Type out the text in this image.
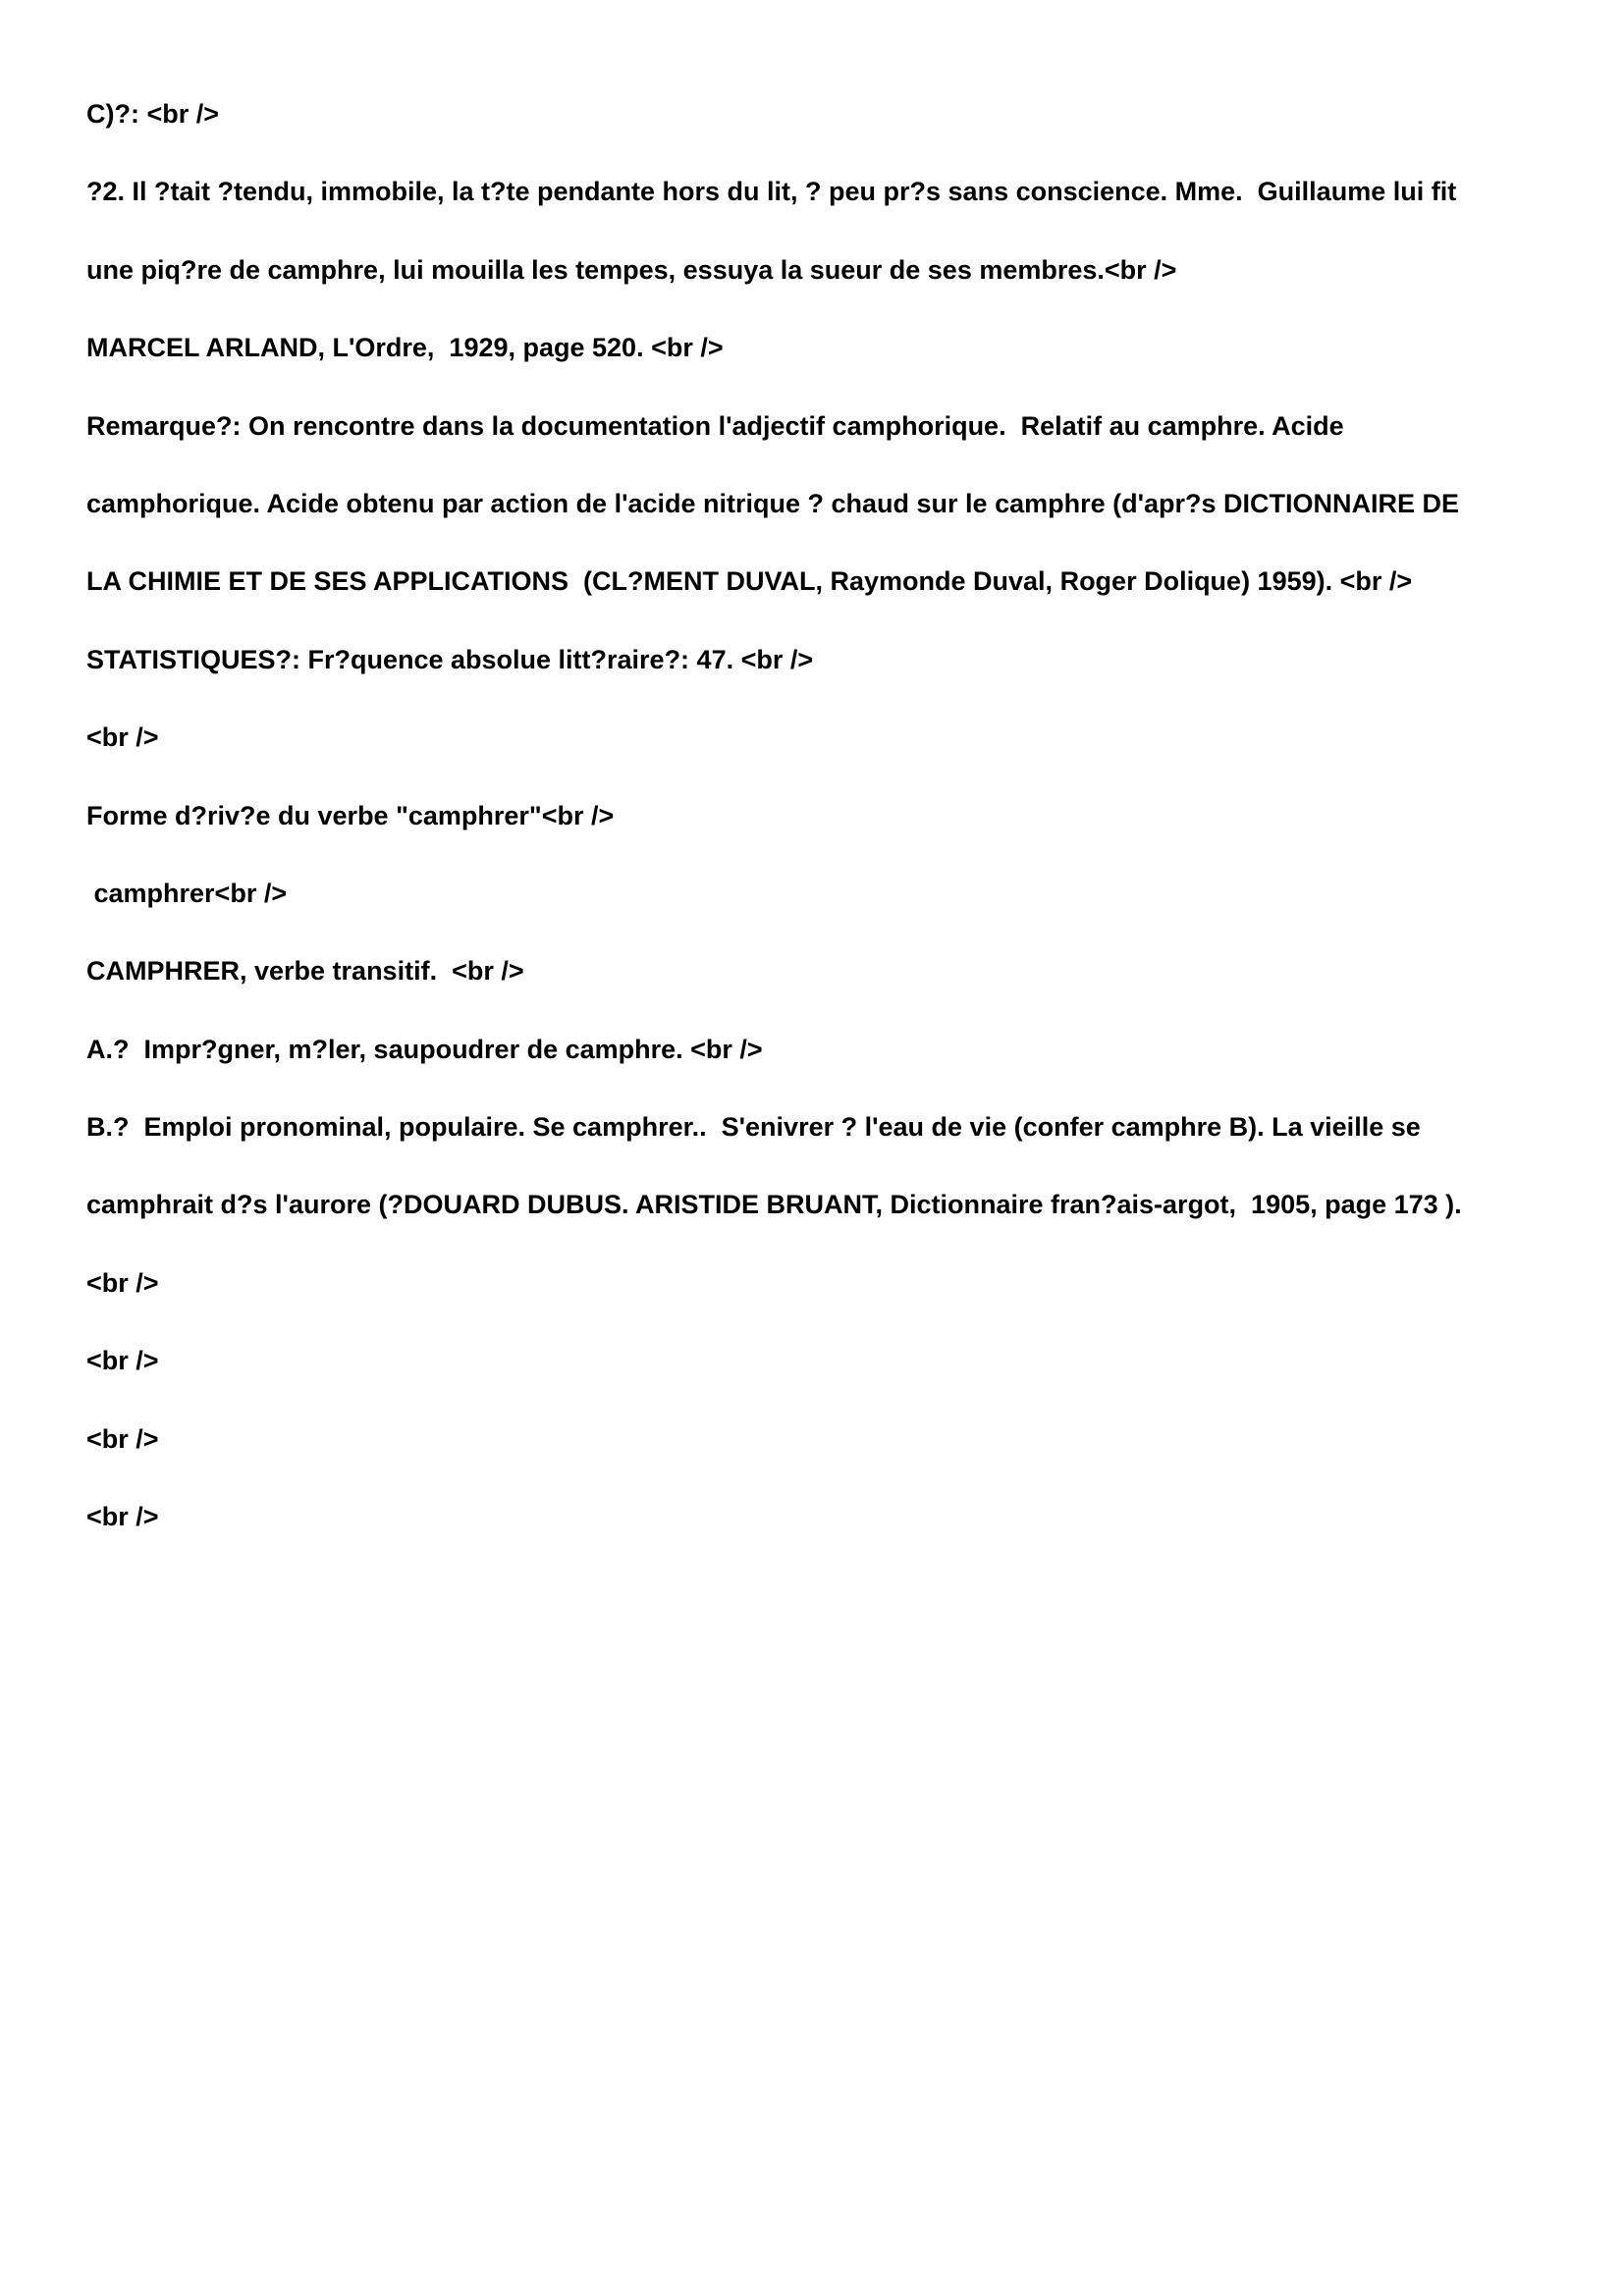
C)?: <br />

?2. Il ?tait ?tendu, immobile, la t?te pendante hors du lit, ? peu pr?s sans conscience. Mme.  Guillaume lui fit

une piq?re de camphre, lui mouilla les tempes, essuya la sueur de ses membres.<br />

MARCEL ARLAND, L'Ordre,  1929, page 520. <br />

Remarque?: On rencontre dans la documentation l'adjectif camphorique.  Relatif au camphre. Acide

camphorique. Acide obtenu par action de l'acide nitrique ? chaud sur le camphre (d'apr?s DICTIONNAIRE DE

LA CHIMIE ET DE SES APPLICATIONS  (CL?MENT DUVAL, Raymonde Duval, Roger Dolique) 1959). <br />

STATISTIQUES?: Fr?quence absolue litt?raire?: 47. <br />

<br />

Forme d?riv?e du verbe "camphrer"<br />

camphrer<br />

CAMPHRER, verbe transitif.  <br />

A.?  Impr?gner, m?ler, saupoudrer de camphre. <br />

B.?  Emploi pronominal, populaire. Se camphrer..  S'enivrer ? l'eau de vie (confer camphre B). La vieille se

camphrait d?s l'aurore (?DOUARD DUBUS. ARISTIDE BRUANT, Dictionnaire fran?ais-argot,  1905, page 173 ).

<br />

<br />

<br />

<br />
